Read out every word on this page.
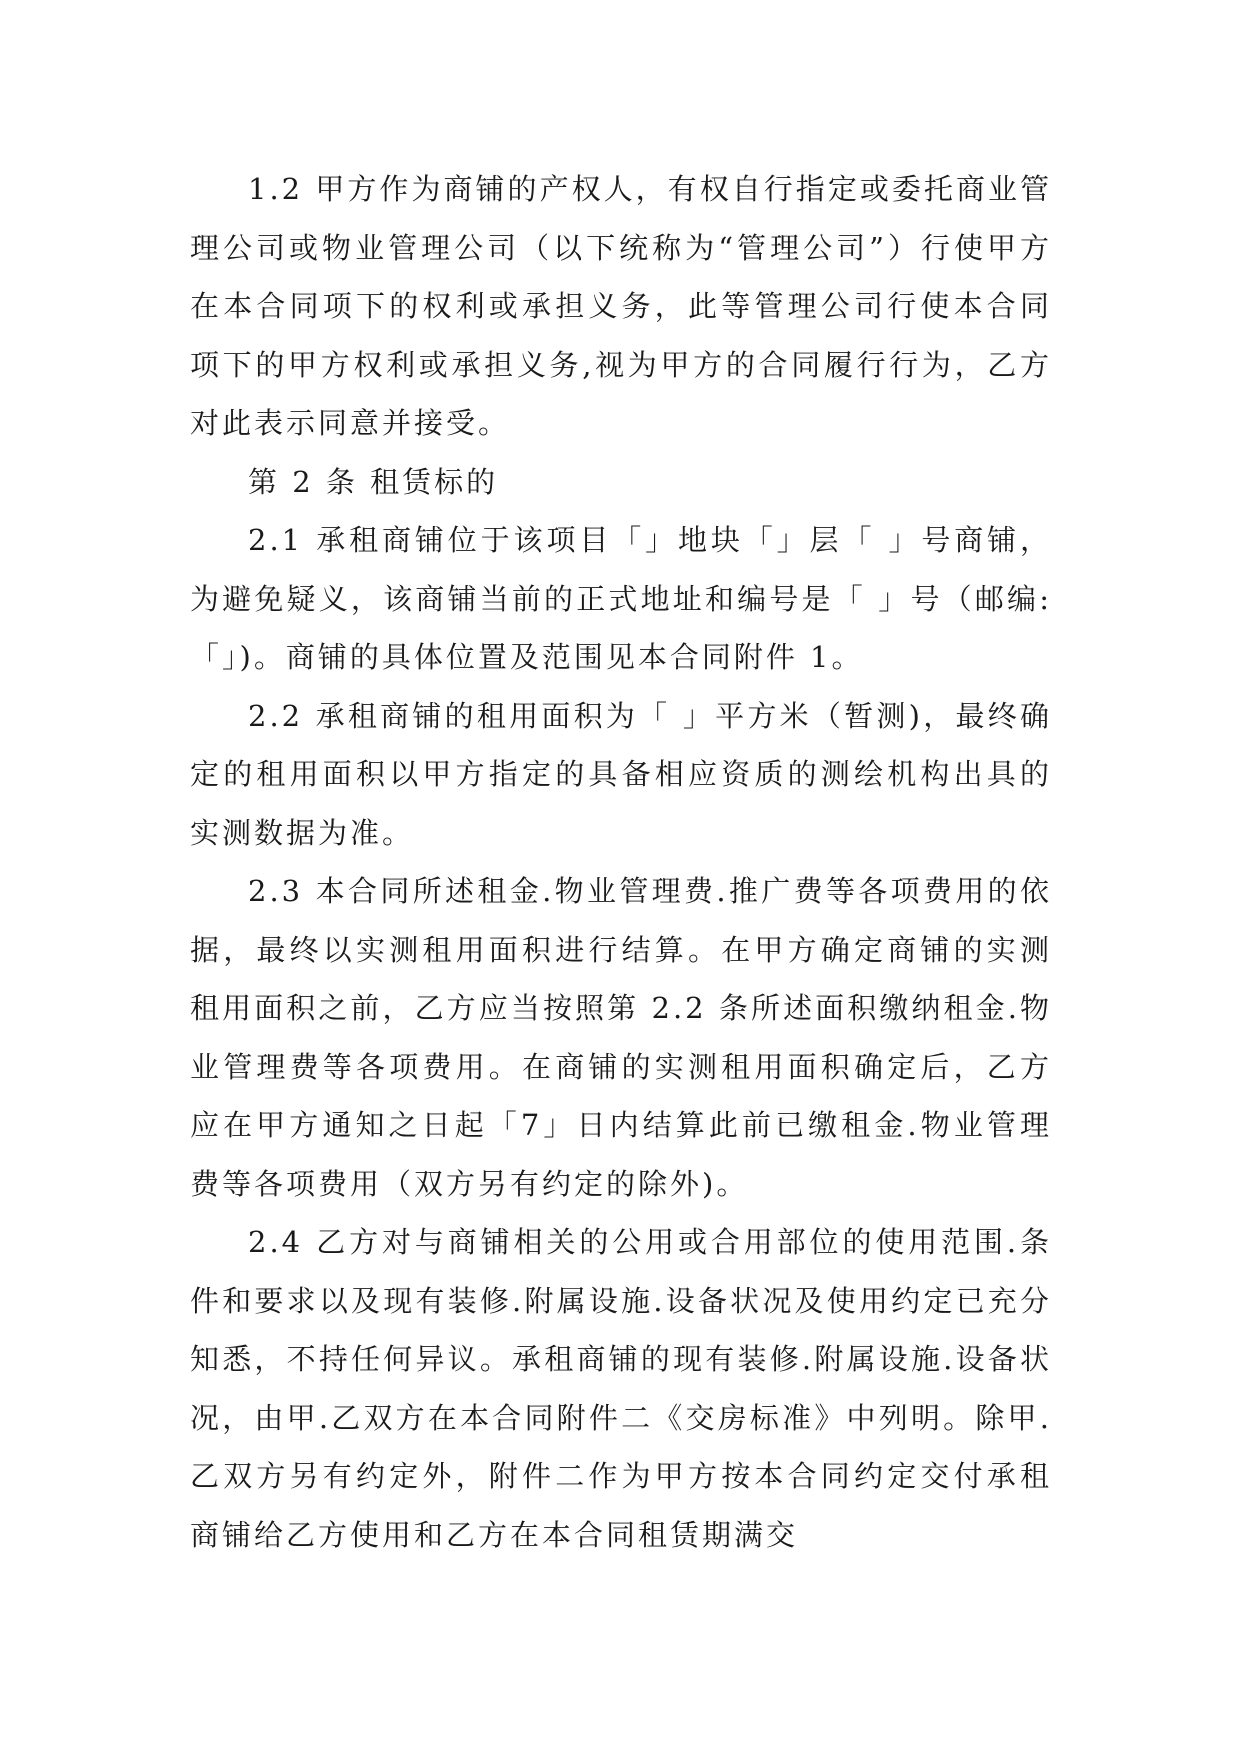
1.2 甲方作为商铺的产权人，有权自行指定或委托商业管理公司或物业管理公司（以下统称为“管理公司”）行使甲方在本合同项下的权利或承担义务，此等管理公司行使本合同项下的甲方权利或承担义务,视为甲方的合同履行行为，乙方对此表示同意并接受。

第 2 条 租赁标的

2.1 承租商铺位于该项目「」地块「」层「 」号商铺，为避免疑义，该商铺当前的正式地址和编号是「 」号（邮编:「」)。商铺的具体位置及范围见本合同附件 1。

2.2 承租商铺的租用面积为「 」平方米（暂测)，最终确定的租用面积以甲方指定的具备相应资质的测绘机构出具的实测数据为准。

2.3 本合同所述租金.物业管理费.推广费等各项费用的依据，最终以实测租用面积进行结算。在甲方确定商铺的实测租用面积之前，乙方应当按照第 2.2 条所述面积缴纳租金.物业管理费等各项费用。在商铺的实测租用面积确定后，乙方应在甲方通知之日起「7」日内结算此前已缴租金.物业管理费等各项费用（双方另有约定的除外)。

2.4 乙方对与商铺相关的公用或合用部位的使用范围.条件和要求以及现有装修.附属设施.设备状况及使用约定已充分知悉，不持任何异议。承租商铺的现有装修.附属设施.设备状况，由甲.乙双方在本合同附件二《交房标准》中列明。除甲.乙双方另有约定外，附件二作为甲方按本合同约定交付承租商铺给乙方使用和乙方在本合同租赁期满交
